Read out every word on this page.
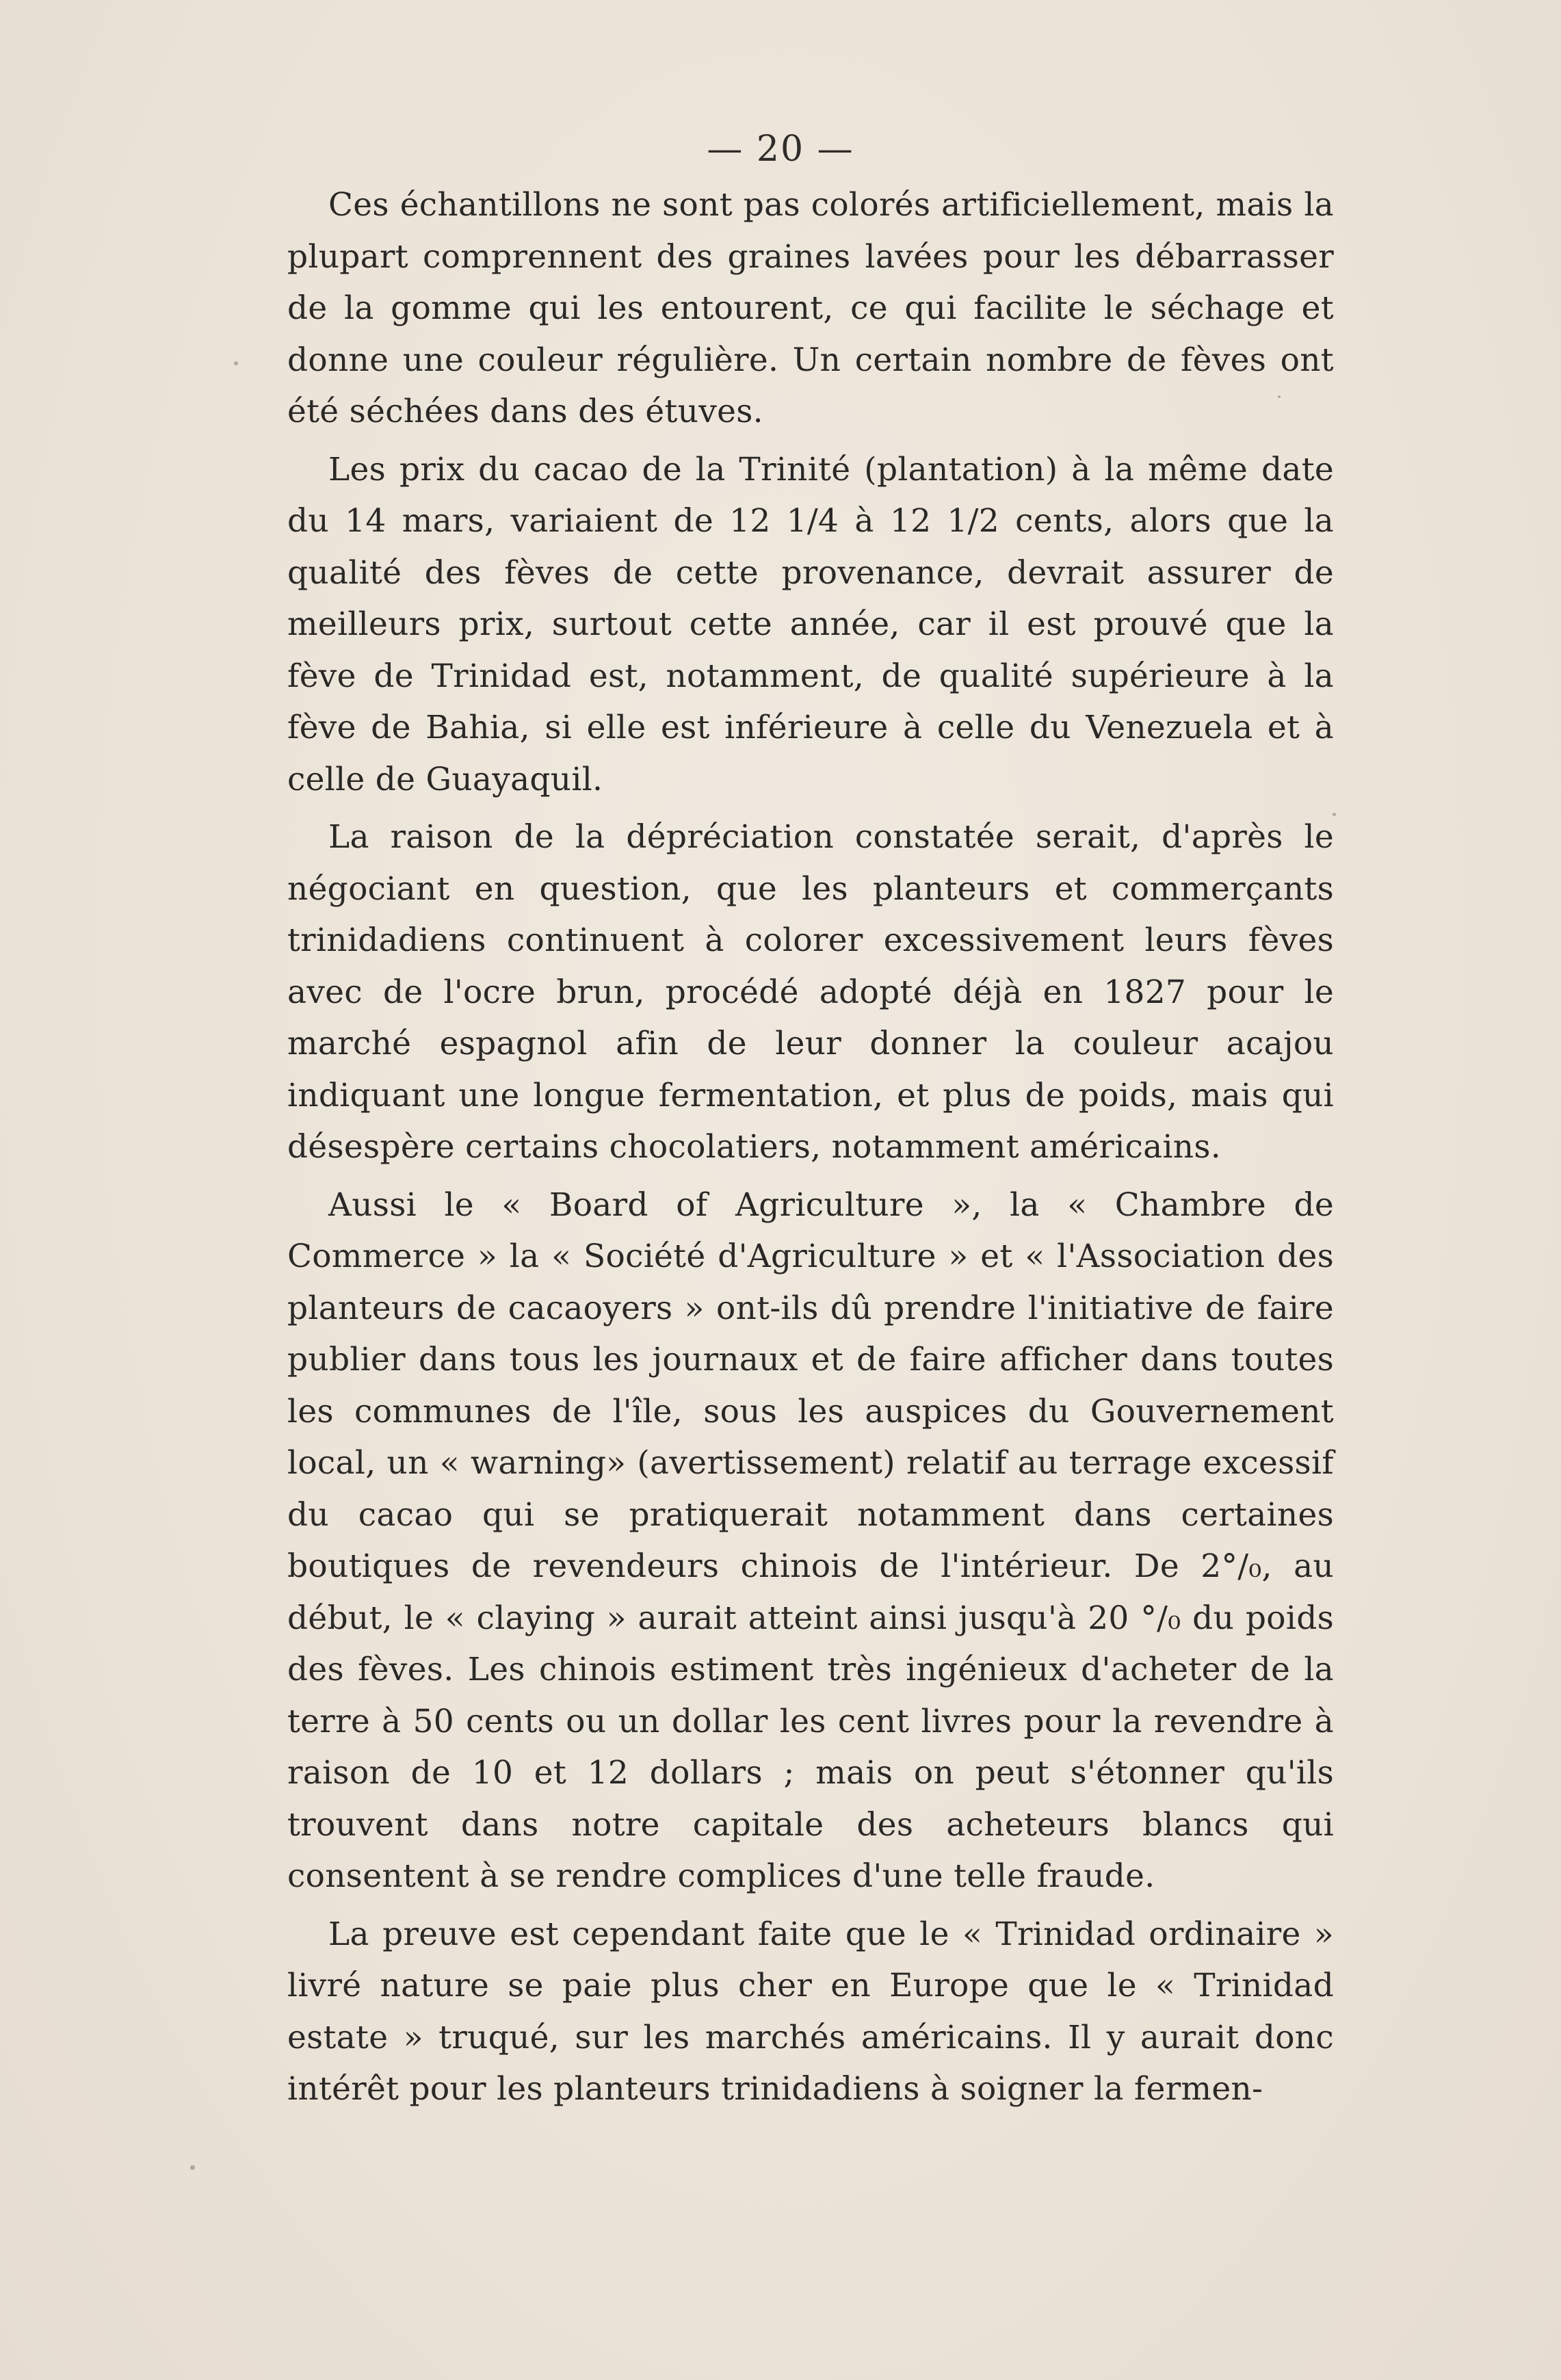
— 20 —

Ces échantillons ne sont pas colorés artificiellement, mais la plupart comprennent des graines lavées pour les débarrasser de la gomme qui les entourent, ce qui facilite le séchage et donne une couleur régulière. Un certain nombre de fèves ont été séchées dans des étuves.

Les prix du cacao de la Trinité (plantation) à la même date du 14 mars, variaient de 12 1/4 à 12 1/2 cents, alors que la qualité des fèves de cette provenance, devrait assurer de meilleurs prix, surtout cette année, car il est prouvé que la fève de Trinidad est, notamment, de qualité supérieure à la fève de Bahia, si elle est inférieure à celle du Venezuela et à celle de Guayaquil.

La raison de la dépréciation constatée serait, d'après le négociant en question, que les planteurs et commerçants trinidadiens continuent à colorer excessivement leurs fèves avec de l'ocre brun, procédé adopté déjà en 1827 pour le marché espagnol afin de leur donner la couleur acajou indiquant une longue fermentation, et plus de poids, mais qui désespère certains chocolatiers, notamment américains.

Aussi le « Board of Agriculture », la « Chambre de Commerce » la « Société d'Agriculture » et « l'Association des planteurs de cacaoyers » ont-ils dû prendre l'initiative de faire publier dans tous les journaux et de faire afficher dans toutes les communes de l'île, sous les auspices du Gouvernement local, un « warning» (avertissement) relatif au terrage excessif du cacao qui se pratiquerait notamment dans certaines boutiques de revendeurs chinois de l'intérieur. De 2°/₀, au début, le « claying » aurait atteint ainsi jusqu'à 20 °/₀ du poids des fèves. Les chinois estiment très ingénieux d'acheter de la terre à 50 cents ou un dollar les cent livres pour la revendre à raison de 10 et 12 dollars ; mais on peut s'étonner qu'ils trouvent dans notre capitale des acheteurs blancs qui consentent à se rendre complices d'une telle fraude.

La preuve est cependant faite que le « Trinidad ordinaire » livré nature se paie plus cher en Europe que le « Trinidad estate » truqué, sur les marchés américains. Il y aurait donc intérêt pour les planteurs trinidadiens à soigner la fermen-
